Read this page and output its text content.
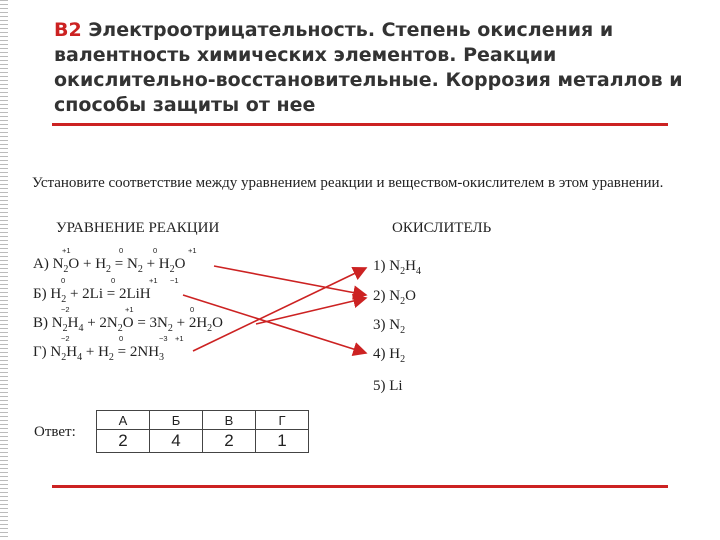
B2 Электроотрицательность. Степень окисления и валентность химических элементов. Реакции окислительно-восстановительные. Коррозия металлов и способы защиты от нее
Установите соответствие между уравнением реакции и веществом-окислителем в этом уравнении.
УРАВНЕНИЕ РЕАКЦИИ	ОКИСЛИТЕЛЬ
+1	0	0	+1
0	0	+1 −1
−2	+1	0
−2	0	−3 +1
А) $N_2O + H_2 = N_2 + H_2O$
Б) $H_2 + 2Li = 2LiH$
В) $N_2H_4 + 2N_2O = 3N_2 + 2H_2O$
Г) $N_2H_4 + H_2 = 2NH_3$
1) $N_2H_4$
2) $N_2O$
3) $N_2$
4) $H_2$
5) Li
Ответ:
А	Б	В	Г
2	4	2	1
